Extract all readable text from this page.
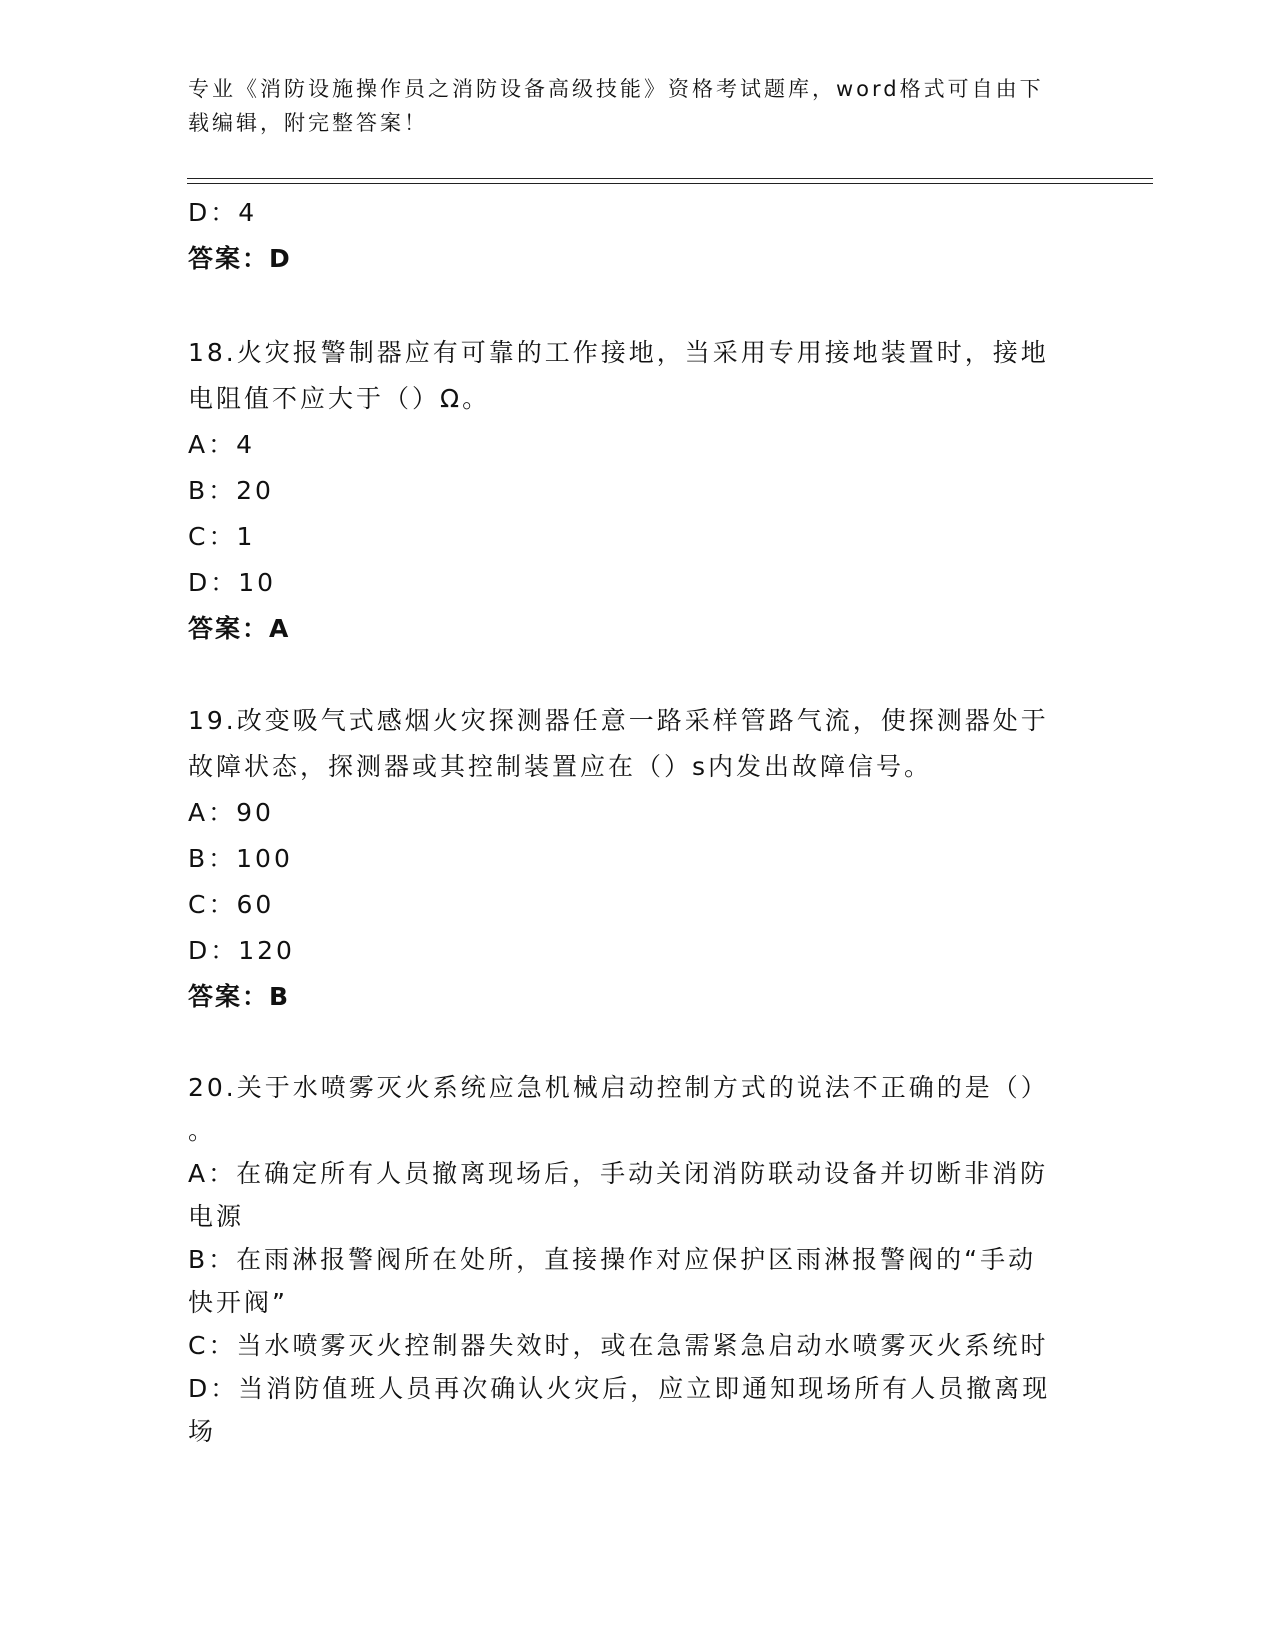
专业《消防设施操作员之消防设备高级技能》资格考试题库，word格式可自由下
载编辑，附完整答案！
D：4
答案：D
18.火灾报警制器应有可靠的工作接地，当采用专用接地装置时，接地
电阻值不应大于（）Ω。
A：4
B：20
C：1
D：10
答案：A
19.改变吸气式感烟火灾探测器任意一路采样管路气流，使探测器处于
故障状态，探测器或其控制装置应在（）s内发出故障信号。
A：90
B：100
C：60
D：120
答案：B
20.关于水喷雾灭火系统应急机械启动控制方式的说法不正确的是（）
。
A：在确定所有人员撤离现场后，手动关闭消防联动设备并切断非消防
电源
B：在雨淋报警阀所在处所，直接操作对应保护区雨淋报警阀的“手动
快开阀”
C：当水喷雾灭火控制器失效时，或在急需紧急启动水喷雾灭火系统时
D：当消防值班人员再次确认火灾后，应立即通知现场所有人员撤离现
场
